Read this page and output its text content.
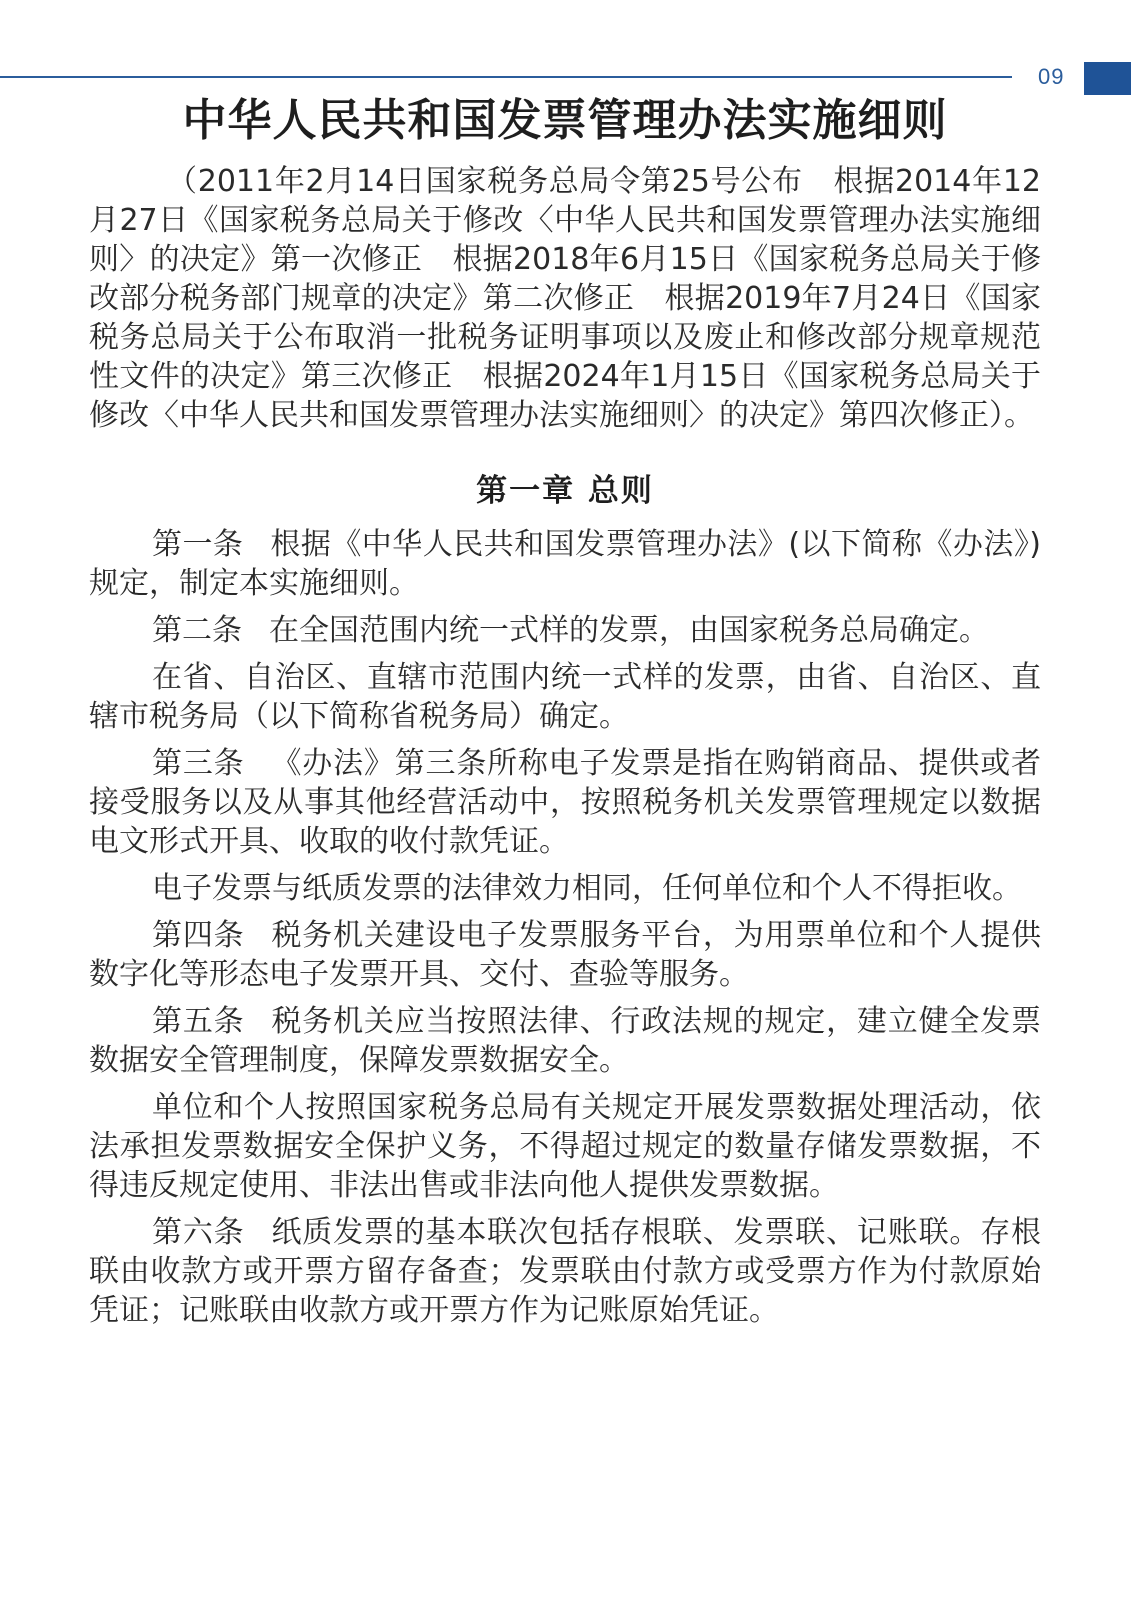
09
中华人民共和国发票管理办法实施细则

（2011年2月14日国家税务总局令第25号公布　根据2014年12月27日《国家税务总局关于修改〈中华人民共和国发票管理办法实施细则〉的决定》第一次修正　根据2018年6月15日《国家税务总局关于修改部分税务部门规章的决定》第二次修正　根据2019年7月24日《国家税务总局关于公布取消一批税务证明事项以及废止和修改部分规章规范性文件的决定》第三次修正　根据2024年1月15日《国家税务总局关于修改〈中华人民共和国发票管理办法实施细则〉的决定》第四次修正）。

第一章 总则

第一条 根据《中华人民共和国发票管理办法》(以下简称《办法》)规定，制定本实施细则。

第二条 在全国范围内统一式样的发票，由国家税务总局确定。

在省、自治区、直辖市范围内统一式样的发票，由省、自治区、直辖市税务局（以下简称省税务局）确定。

第三条 《办法》第三条所称电子发票是指在购销商品、提供或者接受服务以及从事其他经营活动中，按照税务机关发票管理规定以数据电文形式开具、收取的收付款凭证。

电子发票与纸质发票的法律效力相同，任何单位和个人不得拒收。

第四条 税务机关建设电子发票服务平台，为用票单位和个人提供数字化等形态电子发票开具、交付、查验等服务。

第五条 税务机关应当按照法律、行政法规的规定，建立健全发票数据安全管理制度，保障发票数据安全。

单位和个人按照国家税务总局有关规定开展发票数据处理活动，依法承担发票数据安全保护义务，不得超过规定的数量存储发票数据，不得违反规定使用、非法出售或非法向他人提供发票数据。

第六条 纸质发票的基本联次包括存根联、发票联、记账联。存根联由收款方或开票方留存备查；发票联由付款方或受票方作为付款原始凭证；记账联由收款方或开票方作为记账原始凭证。
